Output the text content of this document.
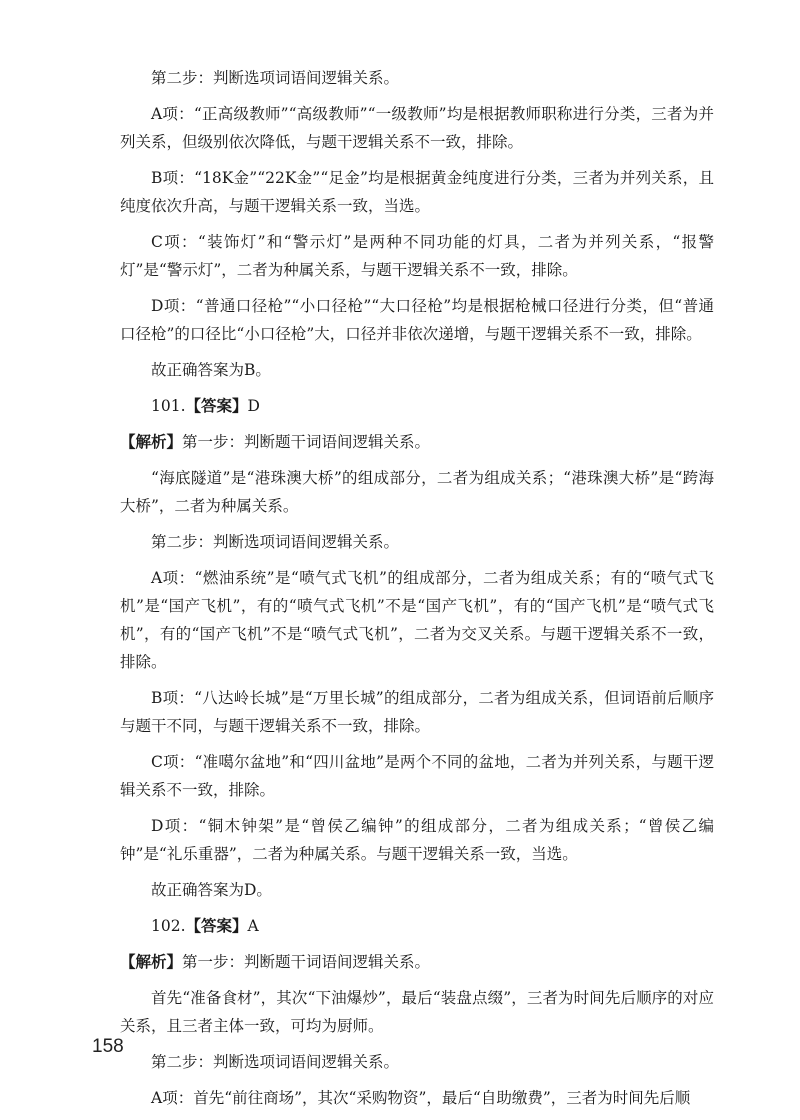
第二步：判断选项词语间逻辑关系。

A项：“正高级教师”“高级教师”“一级教师”均是根据教师职称进行分类，三者为并列关系，但级别依次降低，与题干逻辑关系不一致，排除。

B项：“18K金”“22K金”“足金”均是根据黄金纯度进行分类，三者为并列关系，且纯度依次升高，与题干逻辑关系一致，当选。

C项：“装饰灯”和“警示灯”是两种不同功能的灯具，二者为并列关系，“报警灯”是“警示灯”，二者为种属关系，与题干逻辑关系不一致，排除。

D项：“普通口径枪”“小口径枪”“大口径枪”均是根据枪械口径进行分类，但“普通口径枪”的口径比“小口径枪”大，口径并非依次递增，与题干逻辑关系不一致，排除。

故正确答案为B。

101.【答案】D

【解析】第一步：判断题干词语间逻辑关系。

“海底隧道”是“港珠澳大桥”的组成部分，二者为组成关系；“港珠澳大桥”是“跨海大桥”，二者为种属关系。

第二步：判断选项词语间逻辑关系。

A项：“燃油系统”是“喷气式飞机”的组成部分，二者为组成关系；有的“喷气式飞机”是“国产飞机”，有的“喷气式飞机”不是“国产飞机”，有的“国产飞机”是“喷气式飞机”，有的“国产飞机”不是“喷气式飞机”，二者为交叉关系。与题干逻辑关系不一致，排除。

B项：“八达岭长城”是“万里长城”的组成部分，二者为组成关系，但词语前后顺序与题干不同，与题干逻辑关系不一致，排除。

C项：“准噶尔盆地”和“四川盆地”是两个不同的盆地，二者为并列关系，与题干逻辑关系不一致，排除。

D项：“铜木钟架”是“曾侯乙编钟”的组成部分，二者为组成关系；“曾侯乙编钟”是“礼乐重器”，二者为种属关系。与题干逻辑关系一致，当选。

故正确答案为D。

102.【答案】A

【解析】第一步：判断题干词语间逻辑关系。

首先“准备食材”，其次“下油爆炒”，最后“装盘点缀”，三者为时间先后顺序的对应关系，且三者主体一致，可均为厨师。

第二步：判断选项词语间逻辑关系。

A项：首先“前往商场”，其次“采购物资”，最后“自助缴费”，三者为时间先后顺

158
